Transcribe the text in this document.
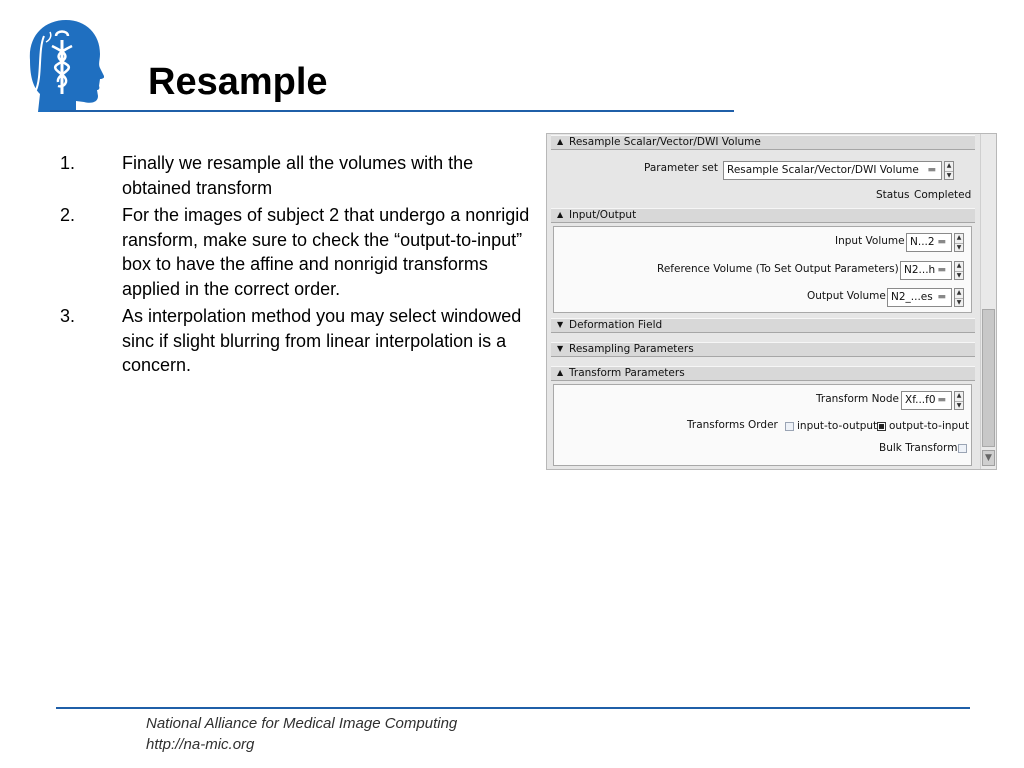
Resample
1.	Finally we resample all the volumes with the obtained transform
2.	For the images of subject 2 that undergo a nonrigid ransform, make sure to check the “output-to-input” box to have the affine and nonrigid transforms applied in the correct order.
3.	As interpolation method you may select windowed sinc if slight blurring from linear interpolation is a concern.
▲ Resample Scalar/Vector/DWI Volume
Parameter set Resample Scalar/Vector/DWI Volume ▬ ▲
▼
Status Completed
▲ Input/Output
Input Volume N...2 ▬ ▲
▼
Reference Volume (To Set Output Parameters) N2...h ▬ ▲
▼
Output Volume N2_...es ▬ ▲
▼
▼ Deformation Field
▼ Resampling Parameters
▲ Transform Parameters
Transform Node Xf...f0 ▬ ▲
▼
Transforms Order input-to-output output-to-input
Bulk Transform
▼
National Alliance for Medical Image Computing
http://na-mic.org
